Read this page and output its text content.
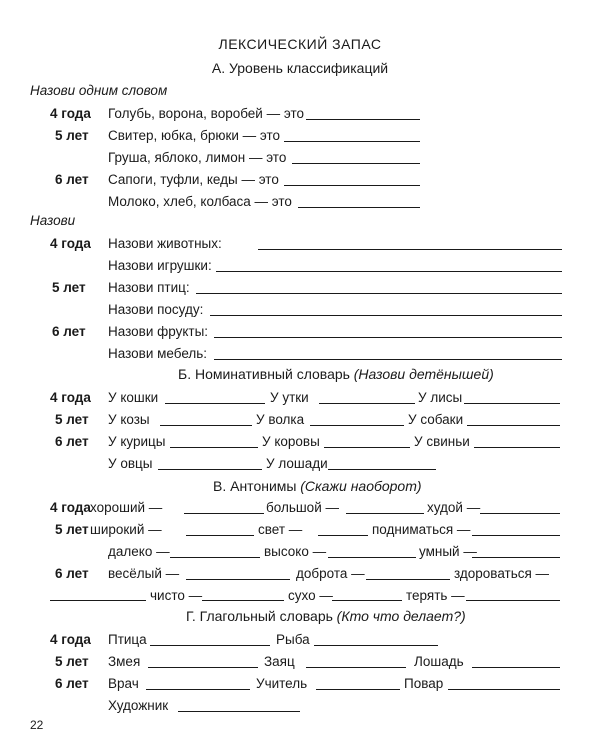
ЛЕКСИЧЕСКИЙ ЗАПАС
А. Уровень классификаций
Назови одним словом
4 года Голубь, ворона, воробей — это
5 лет Свитер, юбка, брюки — это
Груша, яблоко, лимон — это
6 лет Сапоги, туфли, кеды — это
Молоко, хлеб, колбаса — это
Назови
4 года Назови животных:
Назови игрушки:
5 лет Назови птиц:
Назови посуду:
6 лет Назови фрукты:
Назови мебель:
Б. Номинативный словарь (Назови детёнышей)
4 года У кошки	У утки	У лисы
5 лет У козы	У волка	У собаки
6 лет У курицы	У коровы	У свиньи
У овцы	У лошади
В. Антонимы (Скажи наоборот)
4 года хороший —	большой —	худой —
5 лет широкий —	свет —	подниматься —
далеко —	высоко —	умный —
6 лет весёлый —	доброта —	здороваться —
чисто —	сухо —	терять —
Г. Глагольный словарь (Кто что делает?)
4 года Птица	Рыба
5 лет Змея	Заяц	Лошадь
6 лет Врач	Учитель	Повар
Художник
22
